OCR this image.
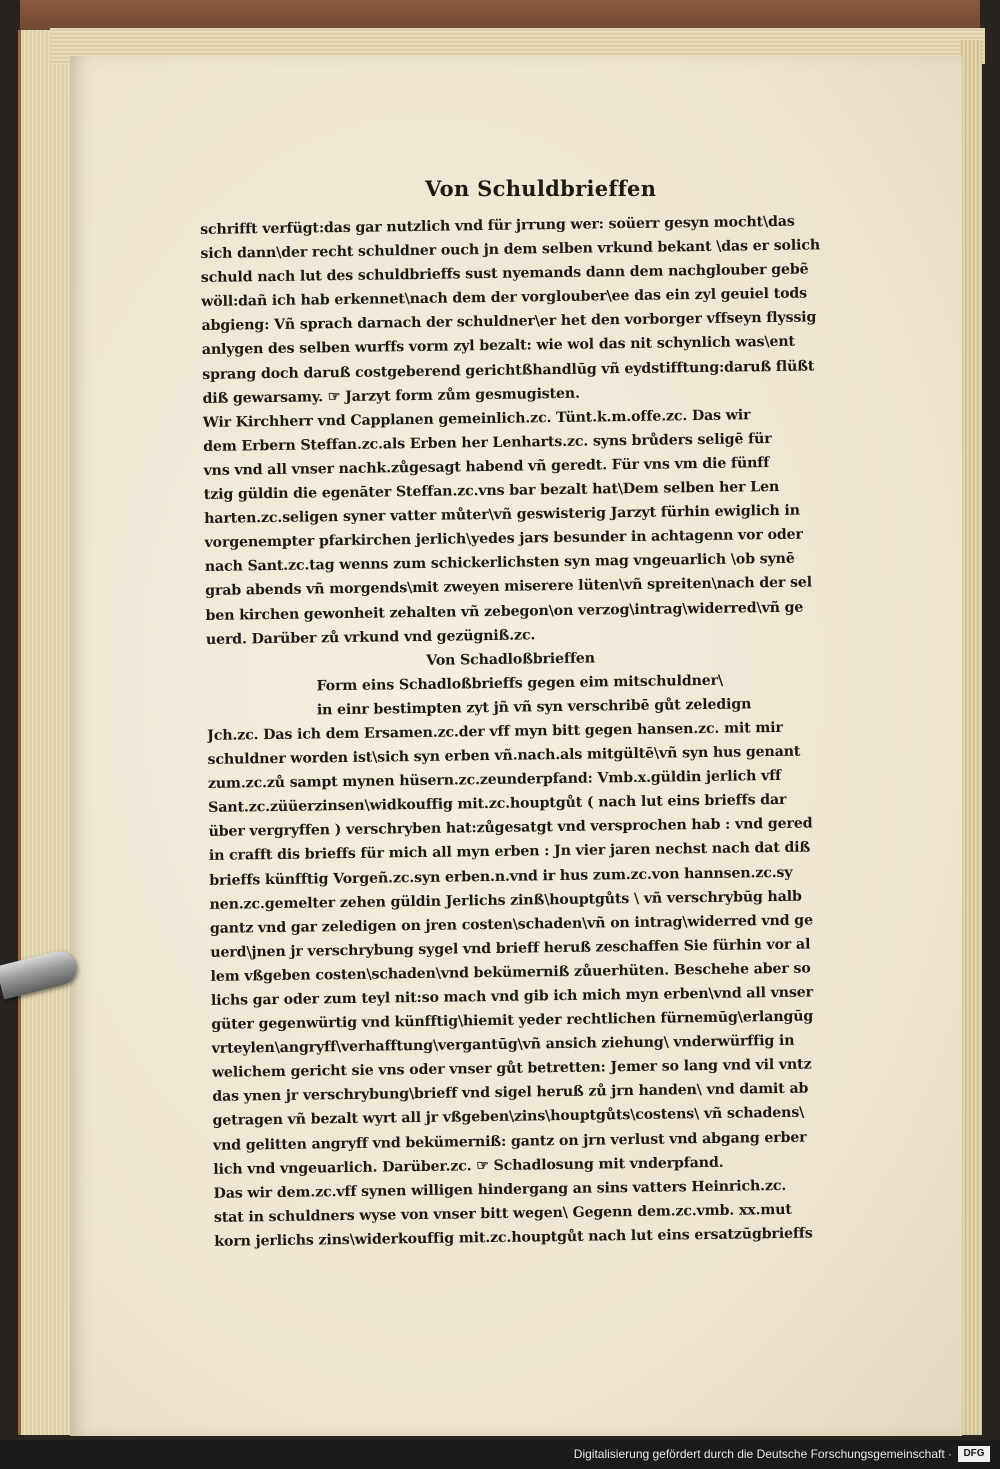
Von Schuldbrieffen
schrifft verfügt:das gar nutzlich vnd für jrrung wer: soüerr gesyn mocht\das
sich dann\der recht schuldner ouch jn dem selben vrkund bekant \das er solich
schuld nach lut des schuldbrieffs sust nyemands dann dem nachglouber gebẽ
wöll:dañ ich hab erkennet\nach dem der vorglouber\ee das ein zyl geuiel tods
abgieng: Vñ sprach darnach der schuldner\er het den vorborger vffseyn flyssig
anlygen des selben wurffs vorm zyl bezalt: wie wol das nit schynlich was\ent
sprang doch daruß costgeberend gerichtßhandlūg vñ eydstifftung:daruß flüßt
diß gewarsamy. ☞ Jarzyt form zům gesmugisten.
Wir Kirchherr vnd Capplanen gemeinlich.zc. Tünt.k.m.offe.zc. Das wir
dem Erbern Steffan.zc.als Erben her Lenharts.zc. syns brůders seligē für
vns vnd all vnser nachk.zůgesagt habend vñ geredt. Für vns vm die fünff
tzig güldin die egenāter Steffan.zc.vns bar bezalt hat\Dem selben her Len
harten.zc.seligen syner vatter můter\vñ geswisterig Jarzyt fürhin ewiglich in
vorgenempter pfarkirchen jerlich\yedes jars besunder in achtagenn vor oder
nach Sant.zc.tag wenns zum schickerlichsten syn mag vngeuarlich \ob synē
grab abends vñ morgends\mit zweyen miserere lüten\vñ spreiten\nach der sel
ben kirchen gewonheit zehalten vñ zebegon\on verzog\intrag\widerred\vñ ge
uerd. Darüber zů vrkund vnd gezügniß.zc.
Von Schadloßbrieffen
Form eins Schadloßbrieffs gegen eim mitschuldner\
in einr bestimpten zyt jñ vñ syn verschribē gůt zeledign
Jch.zc. Das ich dem Ersamen.zc.der vff myn bitt gegen hansen.zc. mit mir
schuldner worden ist\sich syn erben vñ.nach.als mitgültē\vñ syn hus genant
zum.zc.zů sampt mynen hüsern.zc.zeunderpfand: Vmb.x.güldin jerlich vff
Sant.zc.züüerzinsen\widkouffig mit.zc.houptgůt ( nach lut eins brieffs dar
über vergryffen ) verschryben hat:zůgesatgt vnd versprochen hab : vnd gered
in crafft dis brieffs für mich all myn erben : Jn vier jaren nechst nach dat diß
brieffs künfftig Vorgeñ.zc.syn erben.n.vnd ir hus zum.zc.von hannsen.zc.sy
nen.zc.gemelter zehen güldin Jerlichs zinß\houptgůts \ vñ verschrybūg halb
gantz vnd gar zeledigen on jren costen\schaden\vñ on intrag\widerred vnd ge
uerd\jnen jr verschrybung sygel vnd brieff heruß zeschaffen Sie fürhin vor al
lem vßgeben costen\schaden\vnd bekümerniß zůuerhüten. Beschehe aber so
lichs gar oder zum teyl nit:so mach vnd gib ich mich myn erben\vnd all vnser
güter gegenwürtig vnd künfftig\hiemit yeder rechtlichen fürnemūg\erlangūg
vrteylen\angryff\verhafftung\vergantūg\vñ ansich ziehung\ vnderwürffig in
welichem gericht sie vns oder vnser gůt betretten: Jemer so lang vnd vil vntz
das ynen jr verschrybung\brieff vnd sigel heruß zů jrn handen\ vnd damit ab
getragen vñ bezalt wyrt all jr vßgeben\zins\houptgůts\costens\ vñ schadens\
vnd gelitten angryff vnd bekümerniß: gantz on jrn verlust vnd abgang erber
lich vnd vngeuarlich. Darüber.zc. ☞ Schadlosung mit vnderpfand.
Das wir dem.zc.vff synen willigen hindergang an sins vatters Heinrich.zc.
stat in schuldners wyse von vnser bitt wegen\ Gegenn dem.zc.vmb. xx.mut
korn jerlichs zins\widerkouffig mit.zc.houptgůt nach lut eins ersatzūgbrieffs
Digitalisierung gefördert durch die Deutsche Forschungsgemeinschaft ·	DFG
